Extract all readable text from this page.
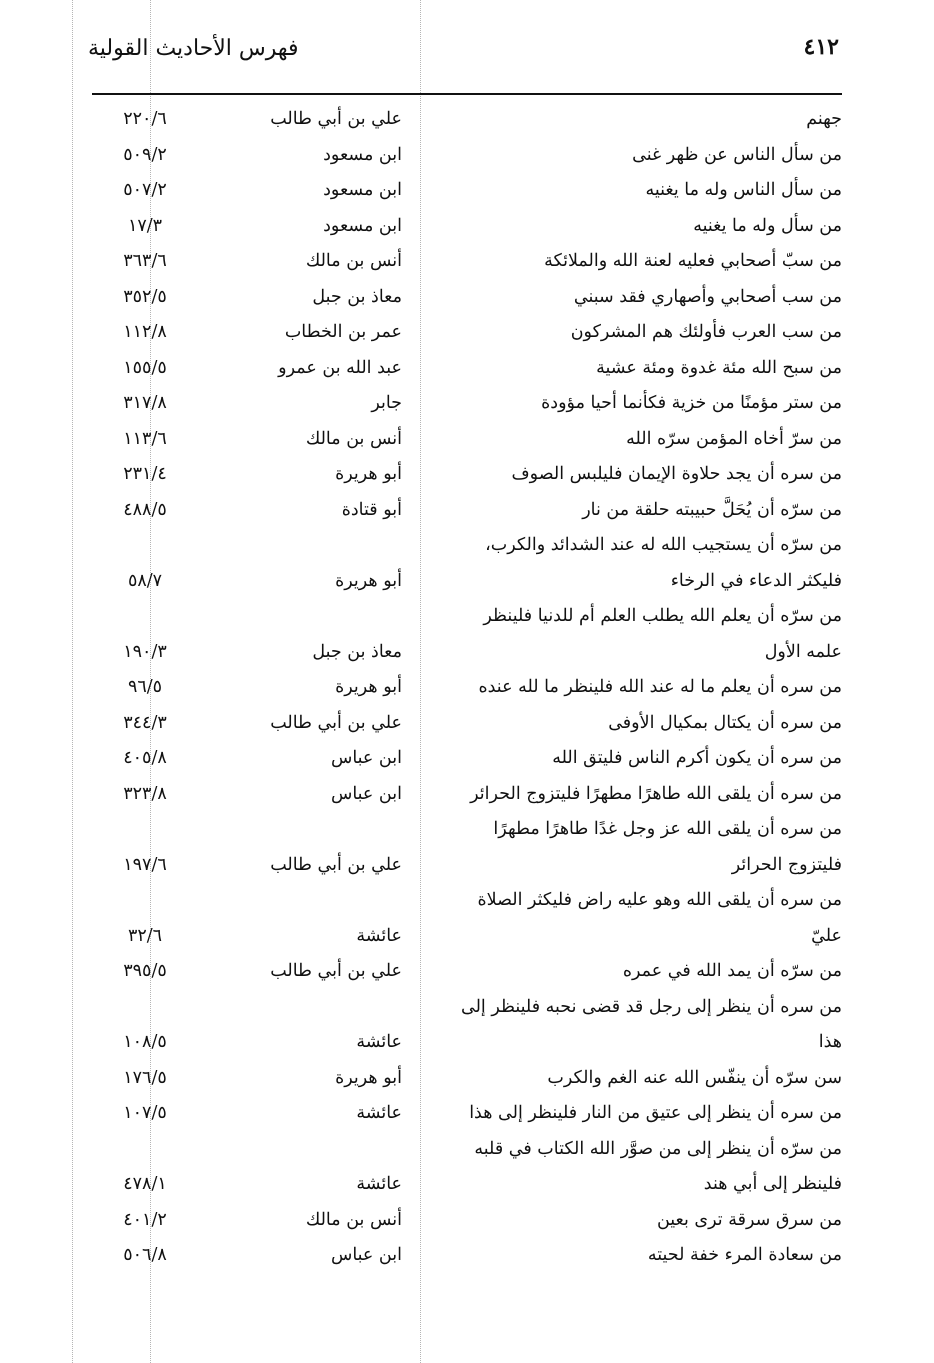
٤١٢
فهرس الأحاديث القولية
جهنم
علي بن أبي طالب
٢٢٠/٦
من سأل الناس عن ظهر غنى
ابن مسعود
٥٠٩/٢
من سأل الناس وله ما يغنيه
ابن مسعود
٥٠٧/٢
من سأل وله ما يغنيه
ابن مسعود
١٧/٣
من سبّ أصحابي فعليه لعنة الله والملائكة
أنس بن مالك
٣٦٣/٦
من سب أصحابي وأصهاري فقد سبني
معاذ بن جبل
٣٥٢/٥
من سب العرب فأولئك هم المشركون
عمر بن الخطاب
١١٢/٨
من سبح الله مئة غدوة ومئة عشية
عبد الله بن عمرو
١٥٥/٥
من ستر مؤمنًا من خزية فكأنما أحيا مؤودة
جابر
٣١٧/٨
من سرّ أخاه المؤمن سرّه الله
أنس بن مالك
١١٣/٦
من سره أن يجد حلاوة الإيمان فليلبس الصوف
أبو هريرة
٢٣١/٤
من سرّه أن يُحَلَّ حبيبته حلقة من نار
أبو قتادة
٤٨٨/٥
من سرّه أن يستجيب الله له عند الشدائد والكرب،
فليكثر الدعاء في الرخاء
أبو هريرة
٥٨/٧
من سرّه أن يعلم الله يطلب العلم أم للدنيا فلينظر
علمه الأول
معاذ بن جبل
١٩٠/٣
من سره أن يعلم ما له عند الله فلينظر ما لله عنده
أبو هريرة
٩٦/٥
من سره أن يكتال بمكيال الأوفى
علي بن أبي طالب
٣٤٤/٣
من سره أن يكون أكرم الناس فليتق الله
ابن عباس
٤٠٥/٨
من سره أن يلقى الله طاهرًا مطهرًا فليتزوج الحرائر
ابن عباس
٣٢٣/٨
من سره أن يلقى الله عز وجل غدًا طاهرًا مطهرًا
فليتزوج الحرائر
علي بن أبي طالب
١٩٧/٦
من سره أن يلقى الله وهو عليه راض فليكثر الصلاة
عليّ
عائشة
٣٢/٦
من سرّه أن يمد الله في عمره
علي بن أبي طالب
٣٩٥/٥
من سره أن ينظر إلى رجل قد قضى نحبه فلينظر إلى
هذا
عائشة
١٠٨/٥
سن سرّه أن ينفّس الله عنه الغم والكرب
أبو هريرة
١٧٦/٥
من سره أن ينظر إلى عتيق من النار فلينظر إلى هذا
عائشة
١٠٧/٥
من سرّه أن ينظر إلى من صوَّر الله الكتاب في قلبه
فلينظر إلى أبي هند
عائشة
٤٧٨/١
من سرق سرقة ترى بعين
أنس بن مالك
٤٠١/٢
من سعادة المرء خفة لحيته
ابن عباس
٥٠٦/٨
